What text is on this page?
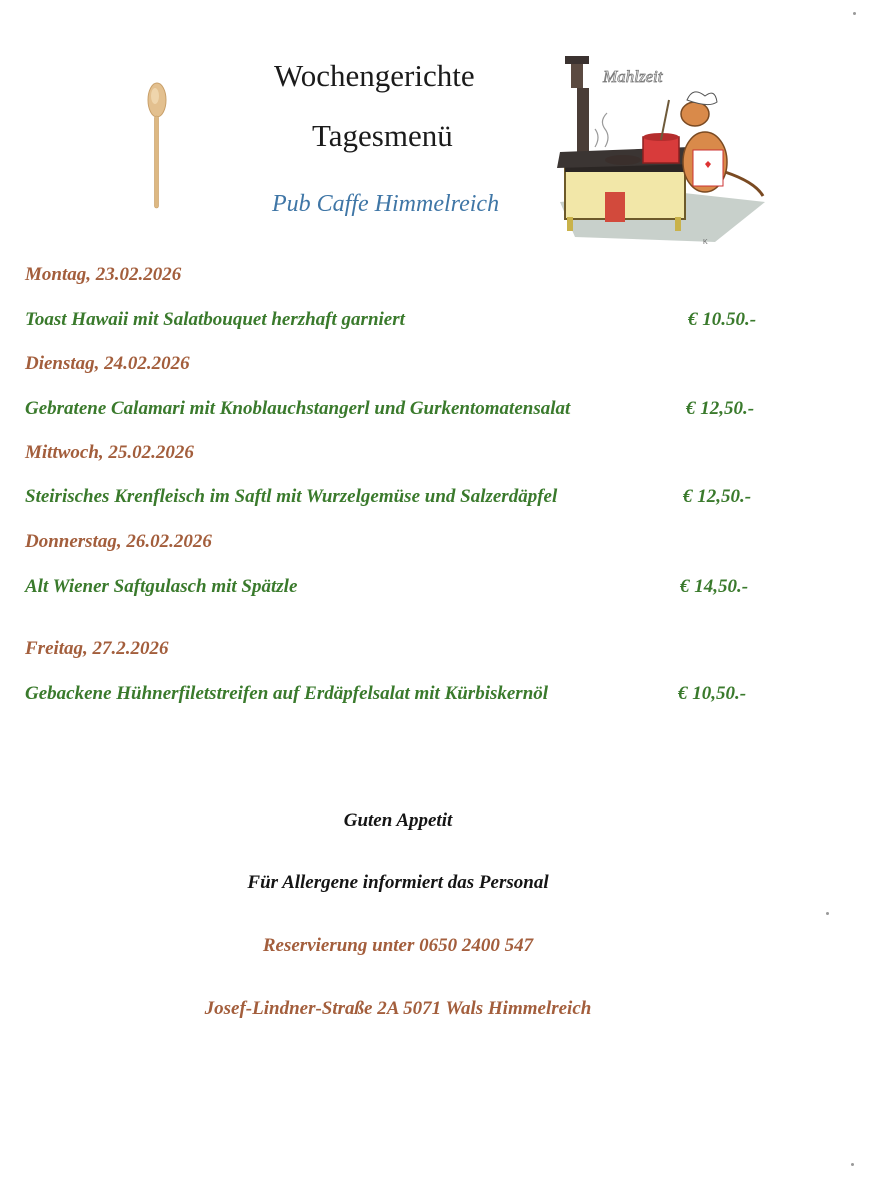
Wochengerichte
Tagesmenü
Pub Caffe Himmelreich
Mahlzeit
K
Montag, 23.02.2026
Toast Hawaii mit Salatbouquet herzhaft garniert	€ 10.50.-
Dienstag, 24.02.2026
Gebratene Calamari mit Knoblauchstangerl und Gurkentomatensalat	€ 12,50.-
Mittwoch, 25.02.2026
Steirisches Krenfleisch im Saftl mit Wurzelgemüse und Salzerdäpfel	€ 12,50.-
Donnerstag, 26.02.2026
Alt Wiener Saftgulasch mit Spätzle	€ 14,50.-
Freitag, 27.2.2026
Gebackene Hühnerfiletstreifen auf Erdäpfelsalat mit Kürbiskernöl	€ 10,50.-
Guten Appetit
Für Allergene informiert das Personal
Reservierung unter 0650 2400 547
Josef-Lindner-Straße 2A 5071 Wals Himmelreich
